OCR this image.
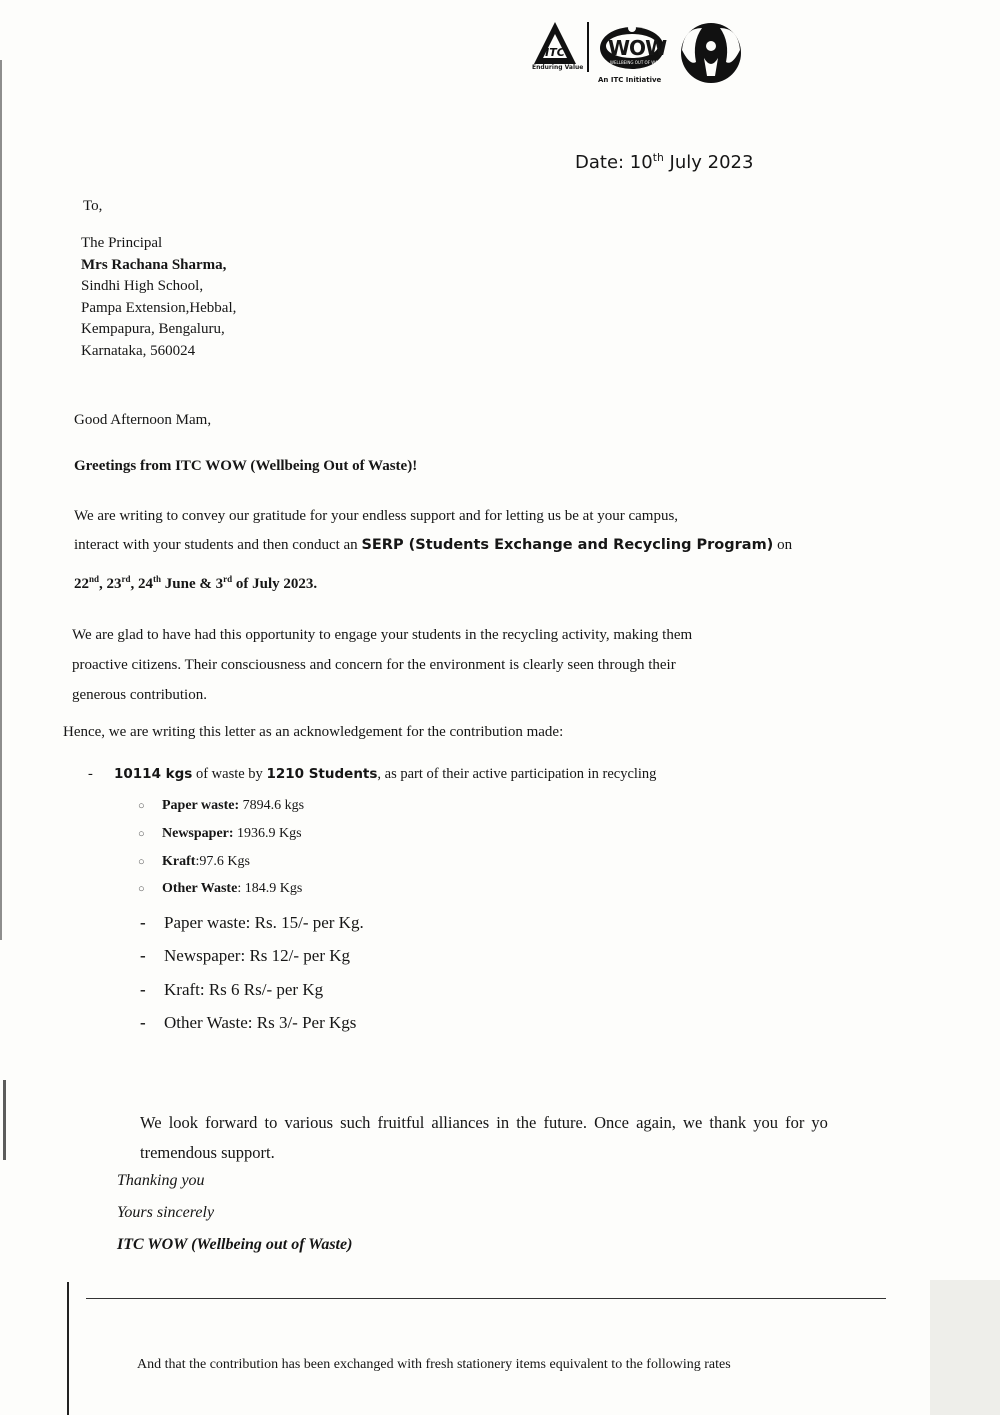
ITC
Enduring Value
WOW
WELLBEING OUT OF WASTE
An ITC Initiative
Date: 10th July 2023
To,
The Principal
Mrs Rachana Sharma,
Sindhi High School,
Pampa Extension,Hebbal,
Kempapura, Bengaluru,
Karnataka, 560024
Good Afternoon Mam,
Greetings from ITC WOW (Wellbeing Out of Waste)!
We are writing to convey our gratitude for your endless support and for letting us be at your campus,
interact with your students and then conduct an SERP (Students Exchange and Recycling Program) on
22nd, 23rd, 24th June & 3rd of July 2023.
We are glad to have had this opportunity to engage your students in the recycling activity, making them
proactive citizens. Their consciousness and concern for the environment is clearly seen through their
generous contribution.
Hence, we are writing this letter as an acknowledgement for the contribution made:
- 10114 kgs of waste by 1210 Students, as part of their active participation in recycling
○ Paper waste: 7894.6 kgs
○ Newspaper: 1936.9 Kgs
○ Kraft:97.6 Kgs
○ Other Waste: 184.9 Kgs
- Paper waste: Rs. 15/- per Kg.
- Newspaper: Rs 12/- per Kg
- Kraft: Rs 6 Rs/- per Kg
- Other Waste: Rs 3/- Per Kgs
We look forward to various such fruitful alliances in the future. Once again, we thank you for yo
tremendous support.
Thanking you
Yours sincerely
ITC WOW (Wellbeing out of Waste)
And that the contribution has been exchanged with fresh stationery items equivalent to the following rates
